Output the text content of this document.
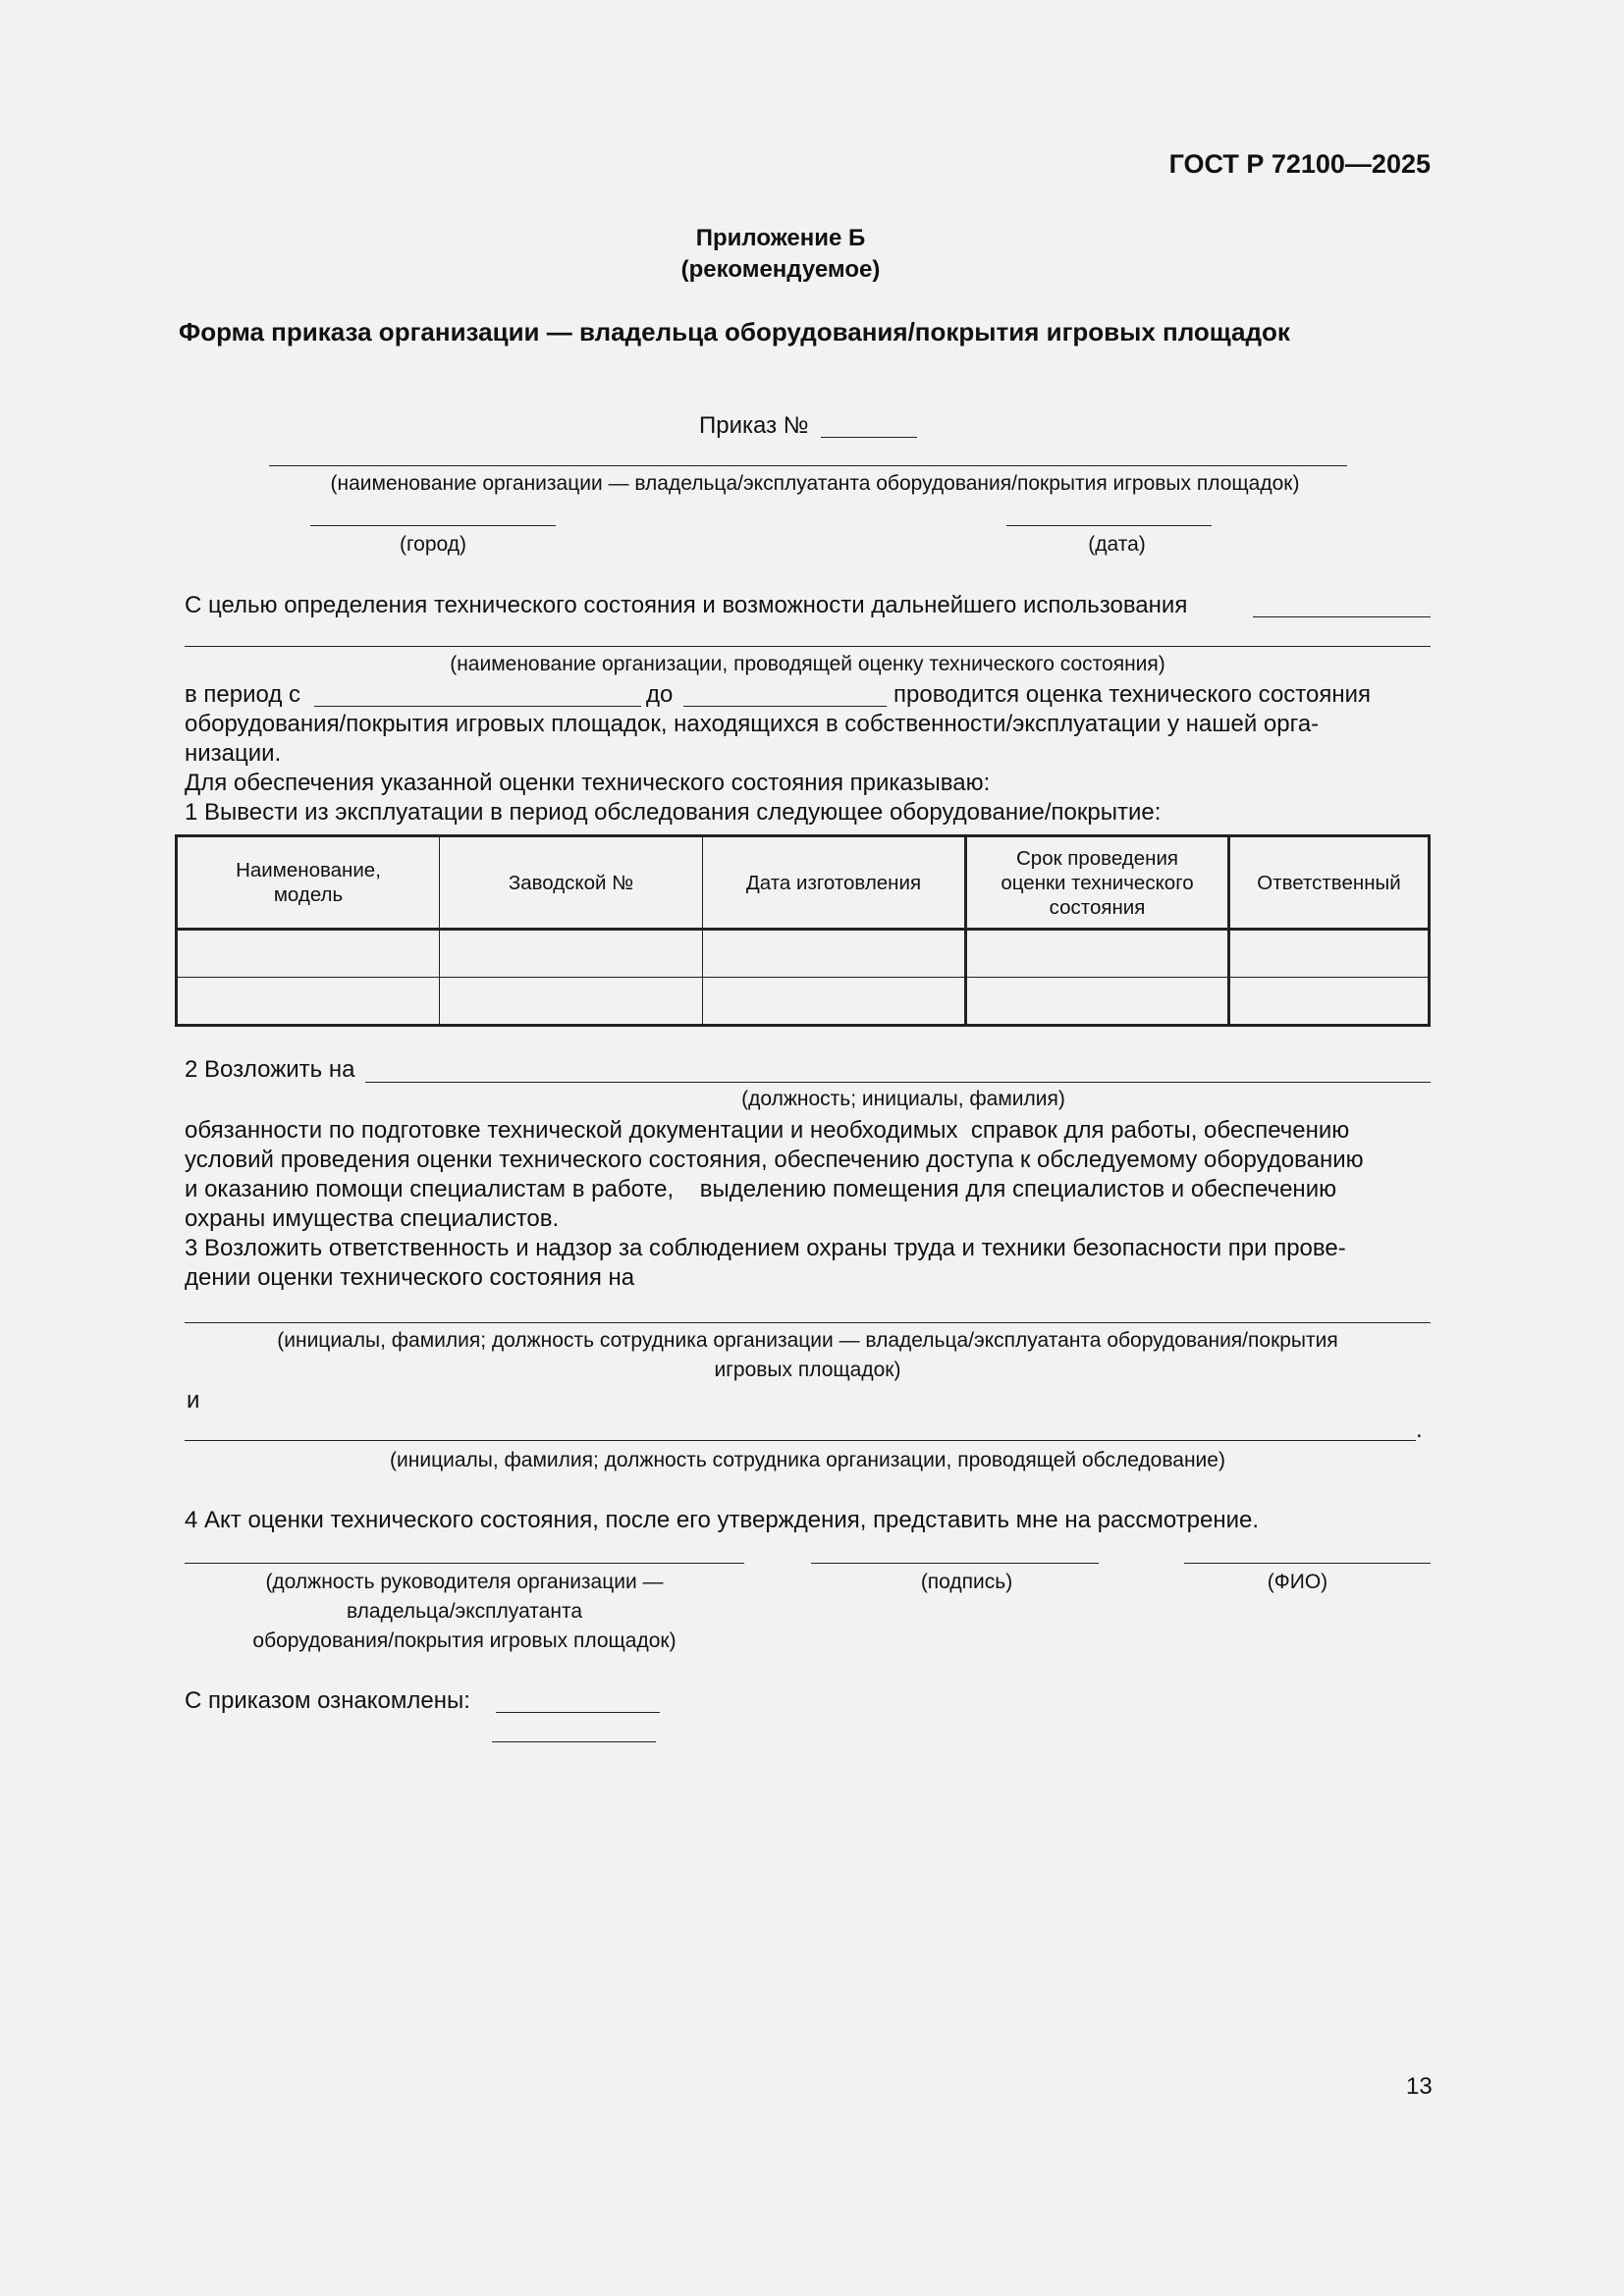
ГОСТ Р 72100—2025
Приложение Б
(рекомендуемое)
Форма приказа организации — владельца оборудования/покрытия игровых площадок
Приказ №
(наименование организации — владельца/эксплуатанта оборудования/покрытия игровых площадок)
(город)	(дата)
С целью определения технического состояния и возможности дальнейшего использования
(наименование организации, проводящей оценку технического состояния)
в период с	до	проводится оценка технического состояния
оборудования/покрытия игровых площадок, находящихся в собственности/эксплуатации у нашей орга-
низации.
Для обеспечения указанной оценки технического состояния приказываю:
1 Вывести из эксплуатации в период обследования следующее оборудование/покрытие:
Наименование,
модель	Заводской №	Дата изготовления	Срок проведения
оценки технического
состояния	Ответственный

2 Возложить на
(должность; инициалы, фамилия)
обязанности по подготовке технической документации и необходимых  справок для работы, обеспечению
условий проведения оценки технического состояния, обеспечению доступа к обследуемому оборудованию
и оказанию помощи специалистам в работе,    выделению помещения для специалистов и обеспечению
охраны имущества специалистов.
3 Возложить ответственность и надзор за соблюдением охраны труда и техники безопасности при прове-
дении оценки технического состояния на
(инициалы, фамилия; должность сотрудника организации — владельца/эксплуатанта оборудования/покрытия
игровых площадок)
и
.
(инициалы, фамилия; должность сотрудника организации, проводящей обследование)
4 Акт оценки технического состояния, после его утверждения, представить мне на рассмотрение.
(должность руководителя организации —
владельца/эксплуатанта
оборудования/покрытия игровых площадок)
(подпись)	(ФИО)
С приказом ознакомлены:
13
